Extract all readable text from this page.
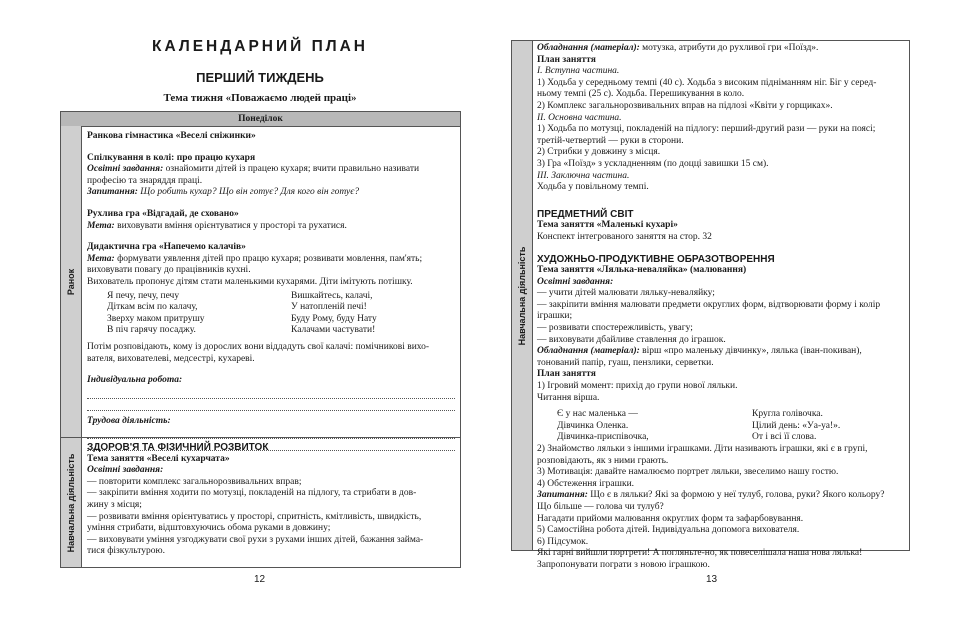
КАЛЕНДАРНИЙ ПЛАН
ПЕРШИЙ ТИЖДЕНЬ
Тема тижня «Поважаємо людей праці»
Понеділок
Ранок
Навчальна діяльність

Ранкова гімнастика «Веселі сніжинки»

Спілкування в колі: про працю кухаря

Освітні завдання: ознайомити дітей із працею кухаря; вчити правильно називати

професію та знаряддя праці.

Запитання: Що робить кухар? Що він готує? Для кого він готує?

Рухлива гра «Відгадай, де сховано»

Мета: виховувати вміння орієнтуватися у просторі та рухатися.

Дидактична гра «Напечемо калачів»

Мета: формувати уявлення дітей про працю кухаря; розвивати мовлення, пам'ять;

виховувати повагу до працівників кухні.

Вихователь пропонує дітям стати маленькими кухарями. Діти імітують потішку.

Я печу, печу, печу

Діткам всім по калачу,

Зверху маком притрушу

В піч гарячу посаджу.

Вишкайтесь, калачі,

У натопленій печі!

Буду Рому, буду Нату

Калачами частувати!

Потім розповідають, кому із дорослих вони віддадуть свої калачі: помічникові вихо-

вателя, вихователеві, медсестрі, кухареві.

Індивідуальна робота:

Трудова діяльність:

ЗДОРОВ'Я ТА ФІЗИЧНИЙ РОЗВИТОК

Тема заняття «Веселі кухарчата»

Освітні завдання:

— повторити комплекс загальнорозвивальних вправ;

— закріпити вміння ходити по мотузці, покладеній на підлогу, та стрибати в дов-

жину з місця;

— розвивати вміння орієнтуватись у просторі, спритність, кмітливість, швидкість,

уміння стрибати, відштовхуючись обома руками в довжину;

— виховувати уміння узгоджувати свої рухи з рухами інших дітей, бажання займа-

тися фізкультурою.

12
Навчальна діяльність

Обладнання (матеріал): мотузка, атрибути до рухливої гри «Поїзд».

План заняття

І. Вступна частина.

1) Ходьба у середньому темпі (40 с). Ходьба з високим підніманням ніг. Біг у серед-

ньому темпі (25 с). Ходьба. Перешикування в коло.

2) Комплекс загальнорозвивальних вправ на підлозі «Квіти у горщиках».

ІІ. Основна частина.

1) Ходьба по мотузці, покладеній на підлогу: перший-другий рази — руки на поясі;

третій-четвертий — руки в сторони.

2) Стрибки у довжину з місця.

3) Гра «Поїзд» з ускладненням (по доцці завишки 15 см).

ІІІ. Заключна частина.

Ходьба у повільному темпі.

ПРЕДМЕТНИЙ СВІТ

Тема заняття «Маленькі кухарі»

Конспект інтегрованого заняття на стор. 32

ХУДОЖНЬО-ПРОДУКТИВНЕ ОБРАЗОТВОРЕННЯ

Тема заняття «Лялька-неваляйка» (малювання)

Освітні завдання:

— учити дітей малювати ляльку-неваляйку;

— закріпити вміння малювати предмети округлих форм, відтворювати форму і колір

іграшки;

— розвивати спостережливість, увагу;

— виховувати дбайливе ставлення до іграшок.

Обладнання (матеріал): вірш «про маленьку дівчинку», лялька (іван-покиван),

тонований папір, гуаш, пензлики, серветки.

План заняття

1) Ігровий момент: прихід до групи нової ляльки.

Читання вірша.

Є у нас маленька —

Дівчинка Оленка.

Дівчинка-приспівочка,

Кругла голівочка.

Цілий день: «Уа-уа!».

От і всі її слова.

2) Знайомство ляльки з іншими іграшками. Діти називають іграшки, які є в групі,

розповідають, як з ними грають.

3) Мотивація: давайте намалюємо портрет ляльки, звеселимо нашу гостю.

4) Обстеження іграшки.

Запитання: Що є в ляльки? Які за формою у неї тулуб, голова, руки? Якого кольору?

Що більше — голова чи тулуб?

Нагадати прийоми малювання округлих форм та зафарбовування.

5) Самостійна робота дітей. Індивідуальна допомога вихователя.

6) Підсумок.

Які гарні вийшли портрети! А погляньте-но, як повеселішала наша нова лялька!

Запропонувати пограти з новою іграшкою.

13
